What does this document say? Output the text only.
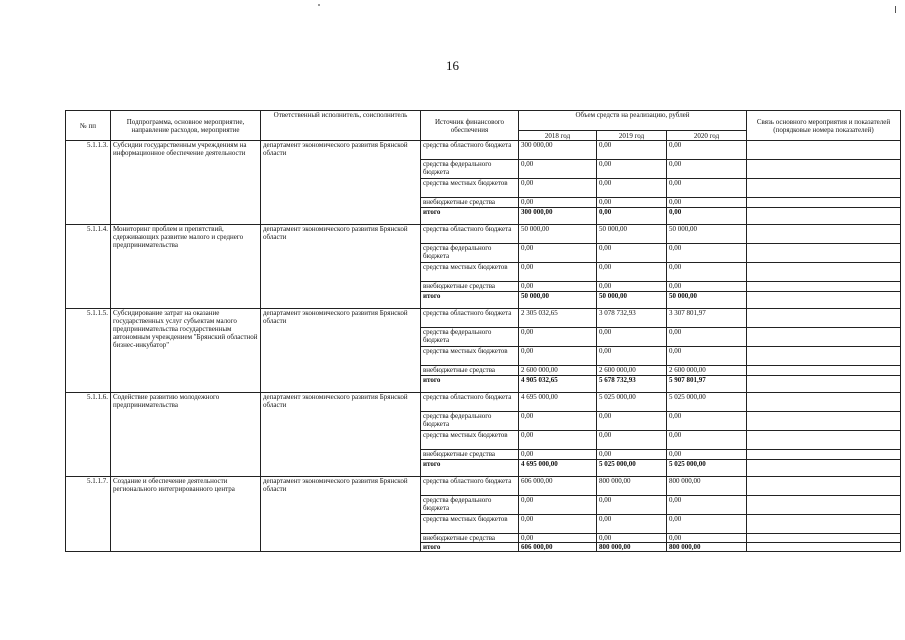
16
№ пп	Подпрограмма, основное мероприятие, направление расходов, мероприятие	Ответственный исполнитель, соисполнитель	Источник финансового обеспечения	Объем средств на реализацию, рублей			Связь основного мероприятия и показателей (порядковые номера показателей)
				2018 год	2019 год	2020 год	
5.1.1.3.	Субсидии государственным учреждениям на информационное обеспечение деятельности	департамент экономического развития Брянской области	средства областного бюджета	300 000,00	0,00	0,00	
			средства федерального бюджета	0,00	0,00	0,00	
			средства местных бюджетов	0,00	0,00	0,00	
			внебюджетные средства	0,00	0,00	0,00	
			итого	300 000,00	0,00	0,00	
5.1.1.4.	Мониторинг проблем и препятствий, сдерживающих развитие малого и среднего предпринимательства	департамент экономического развития Брянской области	средства областного бюджета	50 000,00	50 000,00	50 000,00	
			средства федерального бюджета	0,00	0,00	0,00	
			средства местных бюджетов	0,00	0,00	0,00	
			внебюджетные средства	0,00	0,00	0,00	
			итого	50 000,00	50 000,00	50 000,00	
5.1.1.5.	Субсидирование затрат на оказание государственных услуг субъектам малого предпринимательства государственным автономным учреждением "Брянский областной бизнес-инкубатор"	департамент экономического развития Брянской области	средства областного бюджета	2 305 032,65	3 078 732,93	3 307 801,97	
			средства федерального бюджета	0,00	0,00	0,00	
			средства местных бюджетов	0,00	0,00	0,00	
			внебюджетные средства	2 600 000,00	2 600 000,00	2 600 000,00	
			итого	4 905 032,65	5 678 732,93	5 907 801,97	
5.1.1.6.	Содействие развитию молодежного предпринимательства	департамент экономического развития Брянской области	средства областного бюджета	4 695 000,00	5 025 000,00	5 025 000,00	
			средства федерального бюджета	0,00	0,00	0,00	
			средства местных бюджетов	0,00	0,00	0,00	
			внебюджетные средства	0,00	0,00	0,00	
			итого	4 695 000,00	5 025 000,00	5 025 000,00	
5.1.1.7.	Создание и обеспечение деятельности регионального интегрированного центра	департамент экономического развития Брянской области	средства областного бюджета	606 000,00	800 000,00	800 000,00	
			средства федерального бюджета	0,00	0,00	0,00	
			средства местных бюджетов	0,00	0,00	0,00	
			внебюджетные средства	0,00	0,00	0,00	
			итого	606 000,00	800 000,00	800 000,00	
